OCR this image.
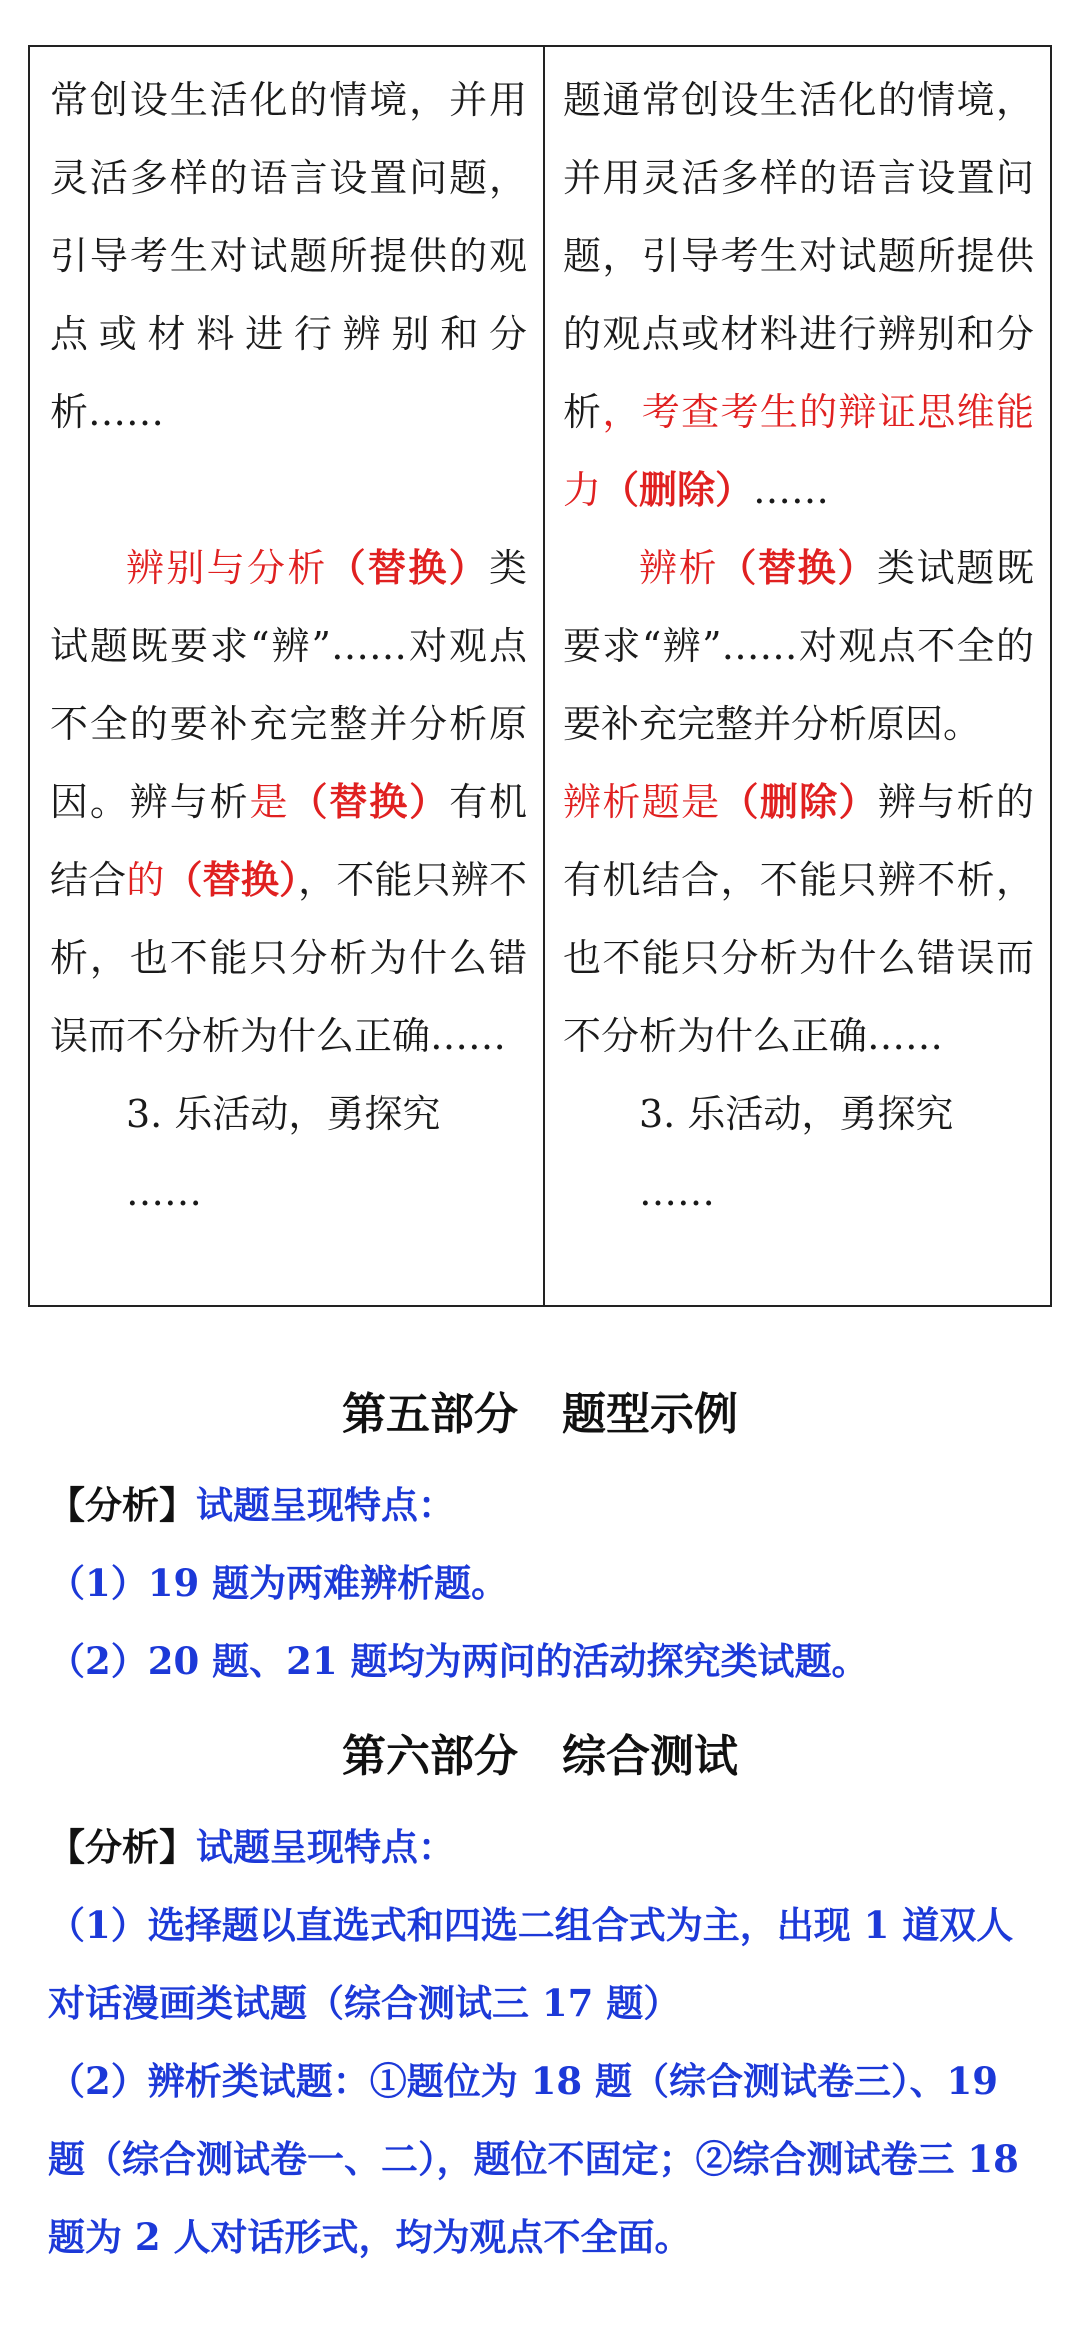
常创设生活化的情境，并用灵活多样的语言设置问题，引导考生对试题所提供的观点或材料进行辨别和分析……

辨别与分析（替换）类试题既要求“辨”……对观点不全的要补充完整并分析原因。辨与析是（替换）有机结合的（替换），不能只辨不析，也不能只分析为什么错误而不分析为什么正确……

3. 乐活动，勇探究

……

题通常创设生活化的情境，并用灵活多样的语言设置问题，引导考生对试题所提供的观点或材料进行辨别和分析，考查考生的辩证思维能力（删除）……

辨析（替换）类试题既要求“辨”……对观点不全的要补充完整并分析原因。

辨析题是（删除）辨与析的有机结合，不能只辨不析，也不能只分析为什么错误而不分析为什么正确……

3. 乐活动，勇探究

……

第五部分　题型示例

【分析】试题呈现特点：

（1）19 题为两难辨析题。

（2）20 题、21 题均为两问的活动探究类试题。

第六部分　综合测试

【分析】试题呈现特点：

（1）选择题以直选式和四选二组合式为主，出现 1 道双人对话漫画类试题（综合测试三 17 题）

（2）辨析类试题：①题位为 18 题（综合测试卷三）、19 题（综合测试卷一、二），题位不固定；②综合测试卷三 18 题为 2 人对话形式，均为观点不全面。
